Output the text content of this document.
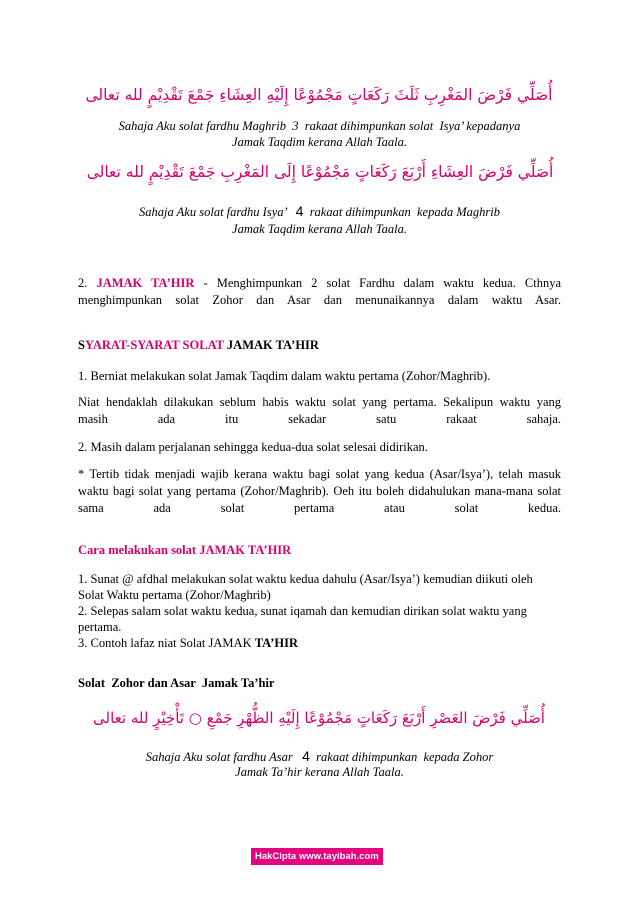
أُصَلِّي فَرْضَ المَغْرِبِ ثَلَثَ رَكَعَاتٍ مَجْمُوْعًا إِلَيْهِ العِشَاءِ جَمْعَ تَقْدِيْمٍ لله تعالى
Sahaja Aku solat fardhu Maghrib  3  rakaat dihimpunkan solat  Isya’ kepadanya
Jamak Taqdim kerana Allah Taala.
أُصَلِّي فَرْضَ العِشَاءِ أَرْبَعَ رَكَعَاتٍ مَجْمُوْعًا إِلَى المَغْرِبِ جَمْعَ تَقْدِيْمٍ لله تعالى
Sahaja Aku solat fardhu Isya’   4  rakaat dihimpunkan  kepada Maghrib
Jamak Taqdim kerana Allah Taala.
2. JAMAK TA’HIR - Menghimpunkan 2 solat Fardhu dalam waktu kedua. Cthnya
menghimpunkan solat Zohor dan Asar dan menunaikannya dalam waktu Asar.
SYARAT-SYARAT SOLAT JAMAK TA’HIR
1. Berniat melakukan solat Jamak Taqdim dalam waktu pertama (Zohor/Maghrib).
Niat hendaklah dilakukan seblum habis waktu solat yang pertama. Sekalipun waktu yang
masih ada itu sekadar satu rakaat sahaja.
2. Masih dalam perjalanan sehingga kedua-dua solat selesai didirikan.
* Tertib tidak menjadi wajib kerana waktu bagi solat yang kedua (Asar/Isya’), telah masuk
waktu bagi solat yang pertama (Zohor/Maghrib). Oeh itu boleh didahulukan mana-mana solat
sama ada solat pertama atau solat kedua.
Cara melakukan solat JAMAK TA’HIR
1. Sunat @ afdhal melakukan solat waktu kedua dahulu (Asar/Isya’) kemudian diikuti oleh
Solat Waktu pertama (Zohor/Maghrib)
2. Selepas salam solat waktu kedua, sunat iqamah dan kemudian dirikan solat waktu yang
pertama.
3. Contoh lafaz niat Solat JAMAK TA’HIR
Solat  Zohor dan Asar  Jamak Ta’hir
أُصَلِّي فَرْضَ العَصْرِ أَرْبَعَ رَكَعَاتٍ مَجْمُوْعًا إِلَيْهِ الظُّهْرِ جَمْعِ ○ تَأْخِيْرٍ لله تعالى
Sahaja Aku solat fardhu Asar   4  rakaat dihimpunkan  kepada Zohor
Jamak Ta’hir kerana Allah Taala.
HakCipta www.tayibah.com
